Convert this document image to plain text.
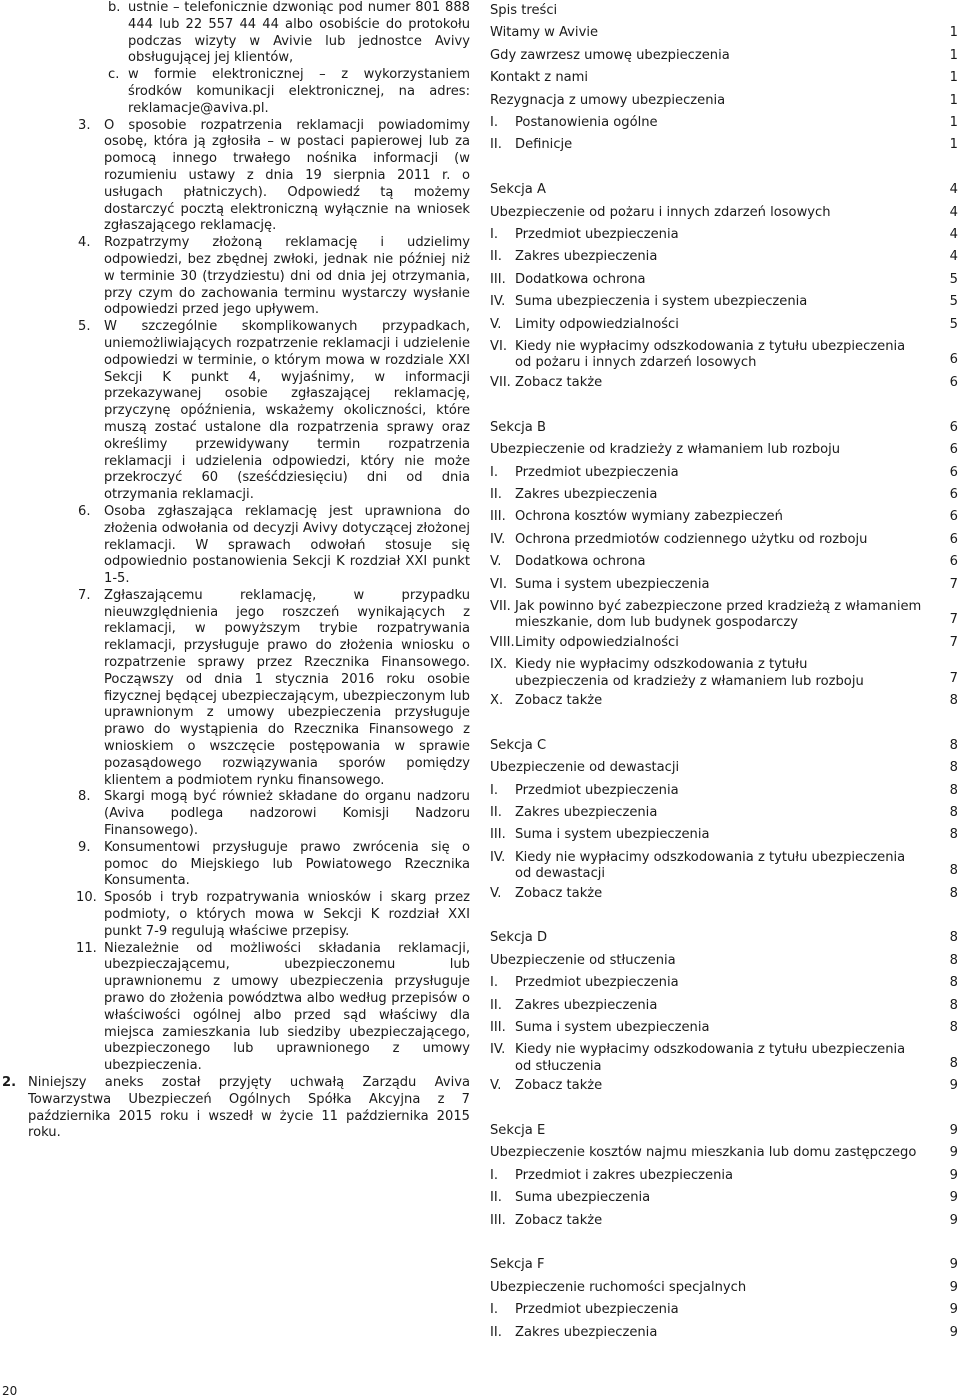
b. ustnie – telefonicznie dzwoniąc pod numer 801 888 444 lub 22 557 44 44 albo osobiście do protokołu podczas wizyty w Avivie lub jednostce Avivy obsługującej jej klientów,
c. w formie elektronicznej – z wykorzystaniem środków komunikacji elektronicznej, na adres: reklamacje@aviva.pl.
3. O sposobie rozpatrzenia reklamacji powiadomimy osobę, która ją zgłosiła – w postaci papierowej lub za pomocą innego trwałego nośnika informacji (w rozumieniu ustawy z dnia 19 sierpnia 2011 r. o usługach płatniczych). Odpowiedź tą możemy dostarczyć pocztą elektroniczną wyłącznie na wniosek zgłaszającego reklamację.
4. Rozpatrzymy złożoną reklamację i udzielimy odpowiedzi, bez zbędnej zwłoki, jednak nie później niż w terminie 30 (trzydziestu) dni od dnia jej otrzymania, przy czym do zachowania terminu wystarczy wysłanie odpowiedzi przed jego upływem.
5. W szczególnie skomplikowanych przypadkach, uniemożliwiających rozpatrzenie reklamacji i udzielenie odpowiedzi w terminie, o którym mowa w rozdziale XXI Sekcji K punkt 4, wyjaśnimy, w informacji przekazywanej osobie zgłaszającej reklamację, przyczynę opóźnienia, wskażemy okoliczności, które muszą zostać ustalone dla rozpatrzenia sprawy oraz określimy przewidywany termin rozpatrzenia reklamacji i udzielenia odpowiedzi, który nie może przekroczyć 60 (sześćdziesięciu) dni od dnia otrzymania reklamacji.
6. Osoba zgłaszająca reklamację jest uprawniona do złożenia odwołania od decyzji Avivy dotyczącej złożonej reklamacji. W sprawach odwołań stosuje się odpowiednio postanowienia Sekcji K rozdział XXI punkt 1-5.
7. Zgłaszającemu reklamację, w przypadku nieuwzględnienia jego roszczeń wynikających z reklamacji, w powyższym trybie rozpatrywania reklamacji, przysługuje prawo do złożenia wniosku o rozpatrzenie sprawy przez Rzecznika Finansowego. Począwszy od dnia 1 stycznia 2016 roku osobie fizycznej będącej ubezpieczającym, ubezpieczonym lub uprawnionym z umowy ubezpieczenia przysługuje prawo do wystąpienia do Rzecznika Finansowego z wnioskiem o wszczęcie postępowania w sprawie pozasądowego rozwiązywania sporów pomiędzy klientem a podmiotem rynku finansowego.
8. Skargi mogą być również składane do organu nadzoru (Aviva podlega nadzorowi Komisji Nadzoru Finansowego).
9. Konsumentowi przysługuje prawo zwrócenia się o pomoc do Miejskiego lub Powiatowego Rzecznika Konsumenta.
10. Sposób i tryb rozpatrywania wniosków i skarg przez podmioty, o których mowa w Sekcji K rozdział XXI punkt 7-9 regulują właściwe przepisy.
11. Niezależnie od możliwości składania reklamacji, ubezpieczającemu, ubezpieczonemu lub uprawnionemu z umowy ubezpieczenia przysługuje prawo do złożenia powództwa albo według przepisów o właściwości ogólnej albo przed sąd właściwy dla miejsca zamieszkania lub siedziby ubezpieczającego, ubezpieczonego lub uprawnionego z umowy ubezpieczenia.
2. Niniejszy aneks został przyjęty uchwałą Zarządu Aviva Towarzystwa Ubezpieczeń Ogólnych Spółka Akcyjna z 7 października 2015 roku i wszedł w życie 11 października 2015 roku.
Spis treści
Witamy w Avivie	1
Gdy zawrzesz umowę ubezpieczenia	1
Kontakt z nami	1
Rezygnacja z umowy ubezpieczenia	1
I. Postanowienia ogólne	1
II. Definicje	1
Sekcja A	4
Ubezpieczenie od pożaru i innych zdarzeń losowych	4
I. Przedmiot ubezpieczenia	4
II. Zakres ubezpieczenia	4
III. Dodatkowa ochrona	5
IV. Suma ubezpieczenia i system ubezpieczenia	5
V. Limity odpowiedzialności	5
VI. Kiedy nie wypłacimy odszkodowania z tytułu ubezpieczenia
od pożaru i innych zdarzeń losowych	6
VII. Zobacz także	6
Sekcja B	6
Ubezpieczenie od kradzieży z włamaniem lub rozboju	6
I. Przedmiot ubezpieczenia	6
II. Zakres ubezpieczenia	6
III. Ochrona kosztów wymiany zabezpieczeń	6
IV. Ochrona przedmiotów codziennego użytku od rozboju	6
V. Dodatkowa ochrona	6
VI. Suma i system ubezpieczenia	7
VII. Jak powinno być zabezpieczone przed kradzieżą z włamaniem
mieszkanie, dom lub budynek gospodarczy	7
VIII.Limity odpowiedzialności	7
IX. Kiedy nie wypłacimy odszkodowania z tytułu
ubezpieczenia od kradzieży z włamaniem lub rozboju	7
X. Zobacz także	8
Sekcja C	8
Ubezpieczenie od dewastacji	8
I. Przedmiot ubezpieczenia	8
II. Zakres ubezpieczenia	8
III. Suma i system ubezpieczenia	8
IV. Kiedy nie wypłacimy odszkodowania z tytułu ubezpieczenia
od dewastacji	8
V. Zobacz także	8
Sekcja D	8
Ubezpieczenie od stłuczenia	8
I. Przedmiot ubezpieczenia	8
II. Zakres ubezpieczenia	8
III. Suma i system ubezpieczenia	8
IV. Kiedy nie wypłacimy odszkodowania z tytułu ubezpieczenia
od stłuczenia	8
V. Zobacz także	9
Sekcja E	9
Ubezpieczenie kosztów najmu mieszkania lub domu zastępczego	9
I. Przedmiot i zakres ubezpieczenia	9
II. Suma ubezpieczenia	9
III. Zobacz także	9
Sekcja F	9
Ubezpieczenie ruchomości specjalnych	9
I. Przedmiot ubezpieczenia	9
II. Zakres ubezpieczenia	9
20
